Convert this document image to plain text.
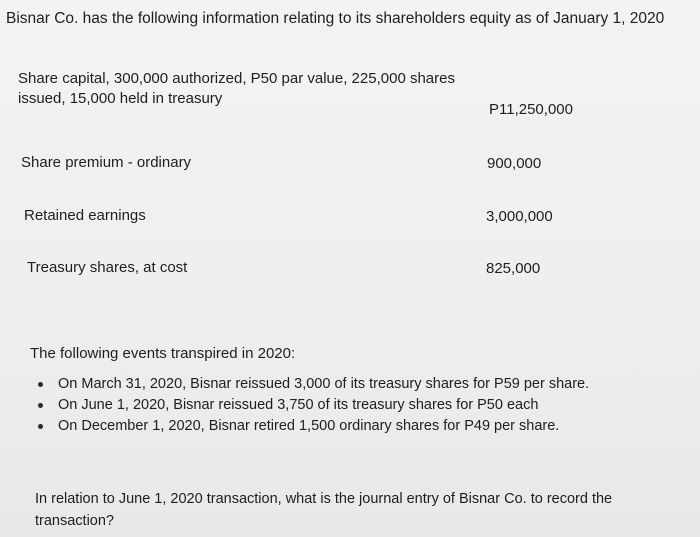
Bisnar Co. has the following information relating to its shareholders equity as of January 1, 2020
Share capital, 300,000 authorized, P50 par value, 225,000 shares
issued, 15,000 held in treasury
P11,250,000
Share premium - ordinary	900,000
Retained earnings	3,000,000
Treasury shares, at cost	825,000
The following events transpired in 2020:
On March 31, 2020, Bisnar reissued 3,000 of its treasury shares for P59 per share.
On June 1, 2020, Bisnar reissued 3,750 of its treasury shares for P50 each
On December 1, 2020, Bisnar retired 1,500 ordinary shares for P49 per share.
In relation to June 1, 2020 transaction, what is the journal entry of Bisnar Co. to record the transaction?
